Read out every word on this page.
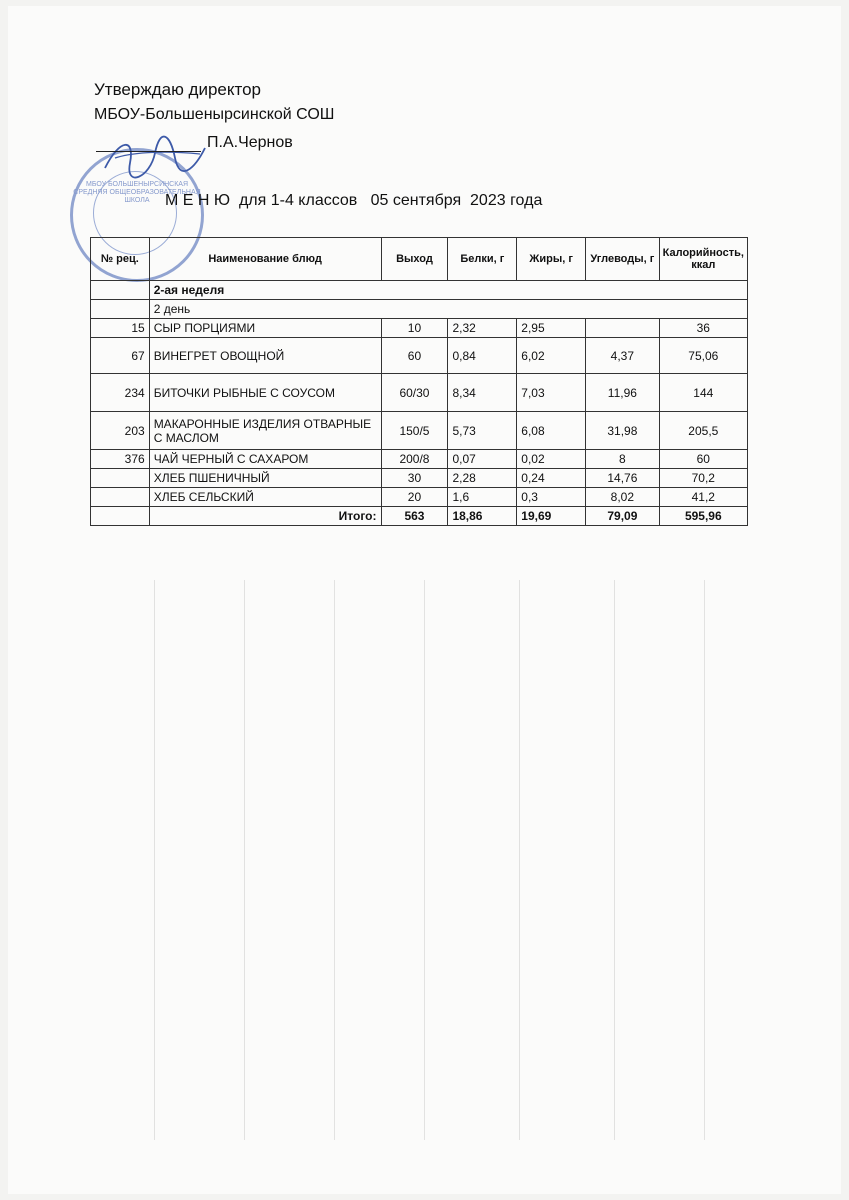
МБОУ БОЛЬШЕНЫРСИНСКАЯ СРЕДНЯЯ ОБЩЕОБРАЗОВАТЕЛЬНАЯ ШКОЛА
Утверждаю директор
МБОУ-Большенырсинской СОШ
П.А.Чернов
М Е Н Ю  для 1-4 классов   05 сентября  2023 года
№ рец.	Наименование блюд	Выход	Белки, г	Жиры, г	Углеводы, г	Калорийность, ккал
	2-ая неделя					
	2 день					
15	СЫР ПОРЦИЯМИ	10	2,32	2,95		36
67	ВИНЕГРЕТ ОВОЩНОЙ	60	0,84	6,02	4,37	75,06
234	БИТОЧКИ РЫБНЫЕ С СОУСОМ	60/30	8,34	7,03	11,96	144
203	МАКАРОННЫЕ ИЗДЕЛИЯ ОТВАРНЫЕ С МАСЛОМ	150/5	5,73	6,08	31,98	205,5
376	ЧАЙ ЧЕРНЫЙ С САХАРОМ	200/8	0,07	0,02	8	60
	ХЛЕБ ПШЕНИЧНЫЙ	30	2,28	0,24	14,76	70,2
	ХЛЕБ СЕЛЬСКИЙ	20	1,6	0,3	8,02	41,2
	Итого:	563	18,86	19,69	79,09	595,96
